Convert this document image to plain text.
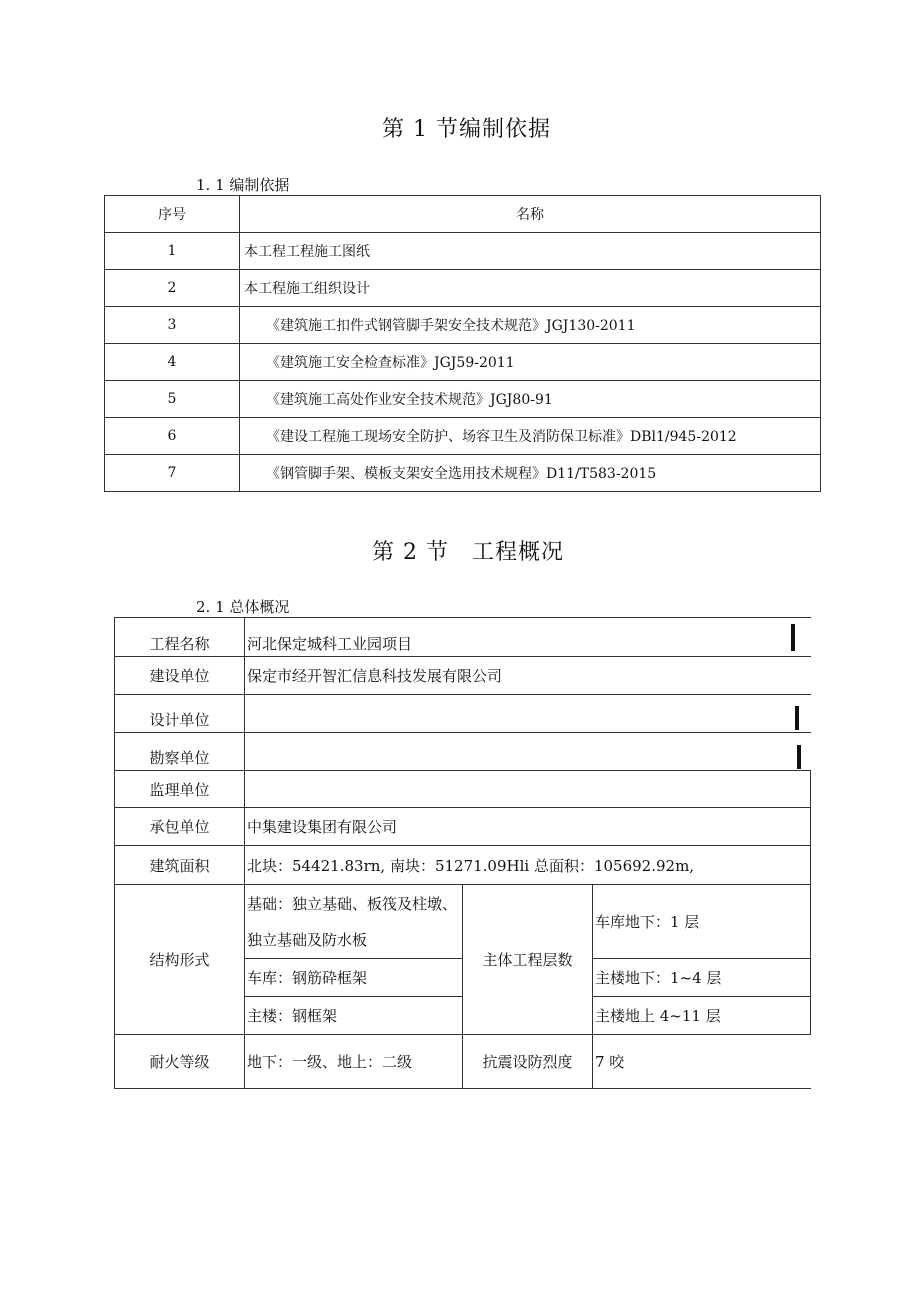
第 1 节编制依据
1. 1 编制依据
序号	名称
1	本工程工程施工图纸
2	本工程施工组织设计
3	《建筑施工扣件式钢管脚手架安全技术规范》JGJ130-2011
4	《建筑施工安全检查标准》JGJ59-2011
5	《建筑施工高处作业安全技术规范》JGJ80-91
6	《建设工程施工现场安全防护、场容卫生及消防保卫标准》DBl1/945-2012
7	《钢管脚手架、模板支架安全选用技术规程》D11/T583-2015
第 2 节　工程概况
2. 1 总体概况
工程名称	河北保定城科工业园项目		
建设单位	保定市经开智汇信息科技发展有限公司		
设计单位			
勘察单位			
监理单位			
承包单位	中集建设集团有限公司		
建筑面积	北块：54421.83rn, 南块：51271.09Hli 总面积：105692.92m,		
结构形式	基础：独立基础、板筏及柱墩、独立基础及防水板	主体工程层数	车库地下：1 层
	车库：钢筋砕框架		主楼地下：1~4 层
	主楼：钢框架		主楼地上 4~11 层
耐火等级	地下：一级、地上：二级	抗震设防烈度	7 咬
